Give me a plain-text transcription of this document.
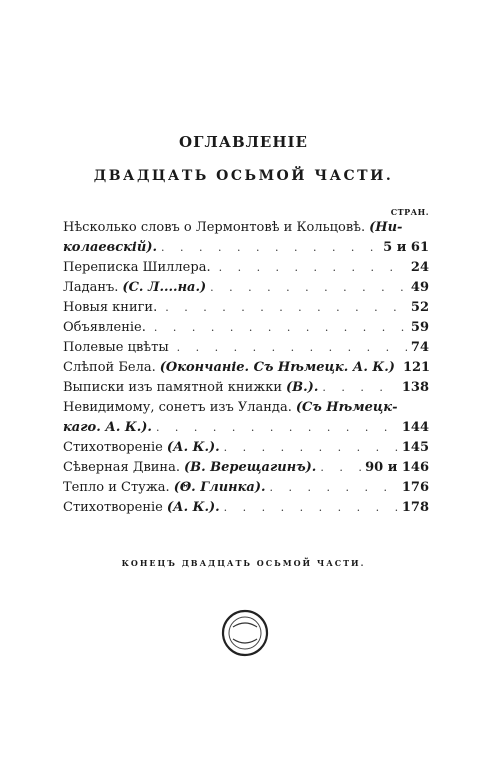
ОГЛАВЛЕНІЕ
ДВАДЦАТЬ ОСЬМОЙ ЧАСТИ.
СТРАН.
Нѣсколько словъ о Лермонтовѣ и Кольцовѣ. (Ни-
колаевскій). . . .	5 и 61
Переписка Шиллера. . . .	24
Ладанъ. (С. Л....на.) . . .	49
Новыя книги. . . .	52
Объявленіе. . . .	59
Полевые цвѣты . . .	74
Слѣпой Бела. (Окончаніе. Съ Нѣмецк. А. К.) 121
Выписки изъ памятной книжки (В.). . . .	138
Невидимому, сонетъ изъ Уланда. (Съ Нѣмецк-
каго. А. К.). . . .	144
Стихотвореніе (А. К.). . . .	145
Сѣверная Двина. (В. Верещагинъ). . . .	90 и 146
Тепло и Стужа. (Θ. Глинка). . . .	176
Стихотвореніе (А. К.). . . .	178
КОНЕЦЪ ДВАДЦАТЬ ОСЬМОЙ ЧАСТИ.
